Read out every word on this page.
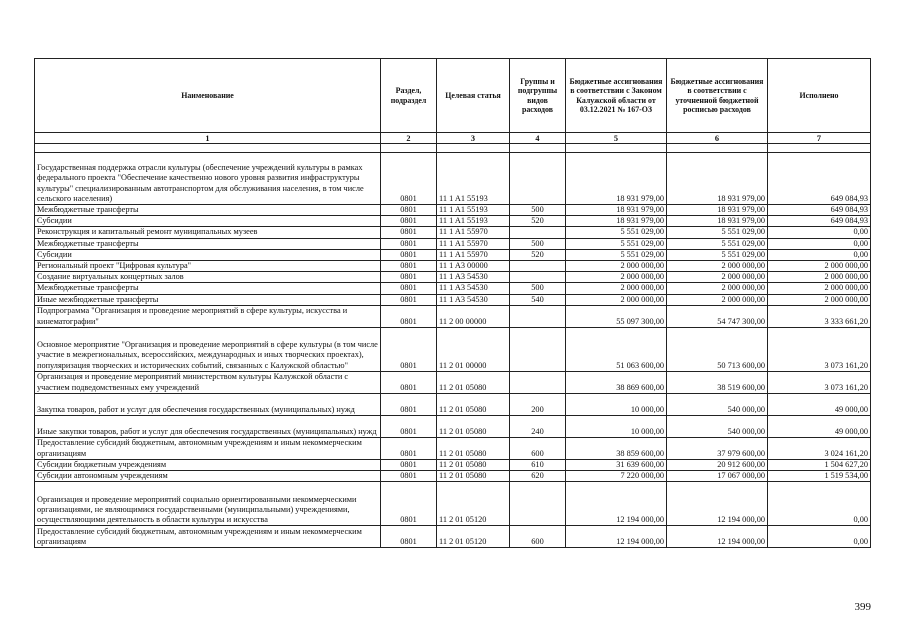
Наименование	Раздел, подраздел	Целевая статья	Группы и подгруппы видов расходов	Бюджетные ассигнования в соответствии с Законом Калужской области от 03.12.2021 № 167-ОЗ	Бюджетные ассигнования в соответствии с уточненной бюджетной росписью расходов	Исполнено
1	2	3	4	5	6	7

Государственная поддержка отрасли культуры (обеспечение учреждений культуры в рамках федерального проекта "Обеспечение качественно нового уровня развития инфраструктуры культуры" специализированным автотранспортом для обслуживания населения, в том числе сельского населения)	0801	11 1 A1 55193		18 931 979,00	18 931 979,00	649 084,93
Межбюджетные трансферты	0801	11 1 A1 55193	500	18 931 979,00	18 931 979,00	649 084,93
Субсидии	0801	11 1 A1 55193	520	18 931 979,00	18 931 979,00	649 084,93
Реконструкция и капитальный ремонт муниципальных музеев	0801	11 1 A1 55970		5 551 029,00	5 551 029,00	0,00
Межбюджетные трансферты	0801	11 1 A1 55970	500	5 551 029,00	5 551 029,00	0,00
Субсидии	0801	11 1 A1 55970	520	5 551 029,00	5 551 029,00	0,00
Региональный проект "Цифровая культура"	0801	11 1 A3 00000		2 000 000,00	2 000 000,00	2 000 000,00
Создание виртуальных концертных залов	0801	11 1 A3 54530		2 000 000,00	2 000 000,00	2 000 000,00
Межбюджетные трансферты	0801	11 1 A3 54530	500	2 000 000,00	2 000 000,00	2 000 000,00
Иные межбюджетные трансферты	0801	11 1 A3 54530	540	2 000 000,00	2 000 000,00	2 000 000,00
Подпрограмма "Организация и проведение мероприятий в сфере культуры, искусства и кинематографии"	0801	11 2 00 00000		55 097 300,00	54 747 300,00	3 333 661,20
Основное мероприятие "Организация и проведение мероприятий в сфере культуры (в том числе участие в межрегиональных, всероссийских, международных и иных творческих проектах), популяризация творческих и исторических событий, связанных с Калужской областью"	0801	11 2 01 00000		51 063 600,00	50 713 600,00	3 073 161,20
Организация и проведение мероприятий министерством культуры Калужской области с участием подведомственных ему учреждений	0801	11 2 01 05080		38 869 600,00	38 519 600,00	3 073 161,20
Закупка товаров, работ и услуг для обеспечения государственных (муниципальных) нужд	0801	11 2 01 05080	200	10 000,00	540 000,00	49 000,00
Иные закупки товаров, работ и услуг для обеспечения государственных (муниципальных) нужд	0801	11 2 01 05080	240	10 000,00	540 000,00	49 000,00
Предоставление субсидий бюджетным, автономным учреждениям и иным некоммерческим организациям	0801	11 2 01 05080	600	38 859 600,00	37 979 600,00	3 024 161,20
Субсидии бюджетным учреждениям	0801	11 2 01 05080	610	31 639 600,00	20 912 600,00	1 504 627,20
Субсидии автономным учреждениям	0801	11 2 01 05080	620	7 220 000,00	17 067 000,00	1 519 534,00
Организация и проведение мероприятий социально ориентированными некоммерческими организациями, не являющимися государственными (муниципальными) учреждениями, осуществляющими деятельность в области культуры и искусства	0801	11 2 01 05120		12 194 000,00	12 194 000,00	0,00
Предоставление субсидий бюджетным, автономным учреждениям и иным некоммерческим организациям	0801	11 2 01 05120	600	12 194 000,00	12 194 000,00	0,00
399
